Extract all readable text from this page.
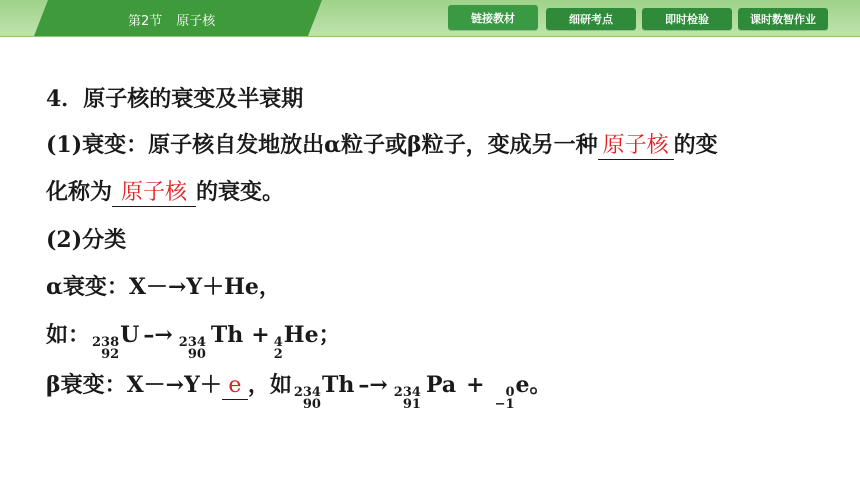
第2节 原子核	链接教材	细研考点	即时检验	课时数智作业
4．原子核的衰变及半衰期
(1)衰变：原子核自发地放出α粒子或β粒子，变成另一种 原子核 的变
化称为 原子核 的衰变。
(2)分类
α衰变：X－→Y＋He，
如： 238
92
U –→ 234
90
Th + 4
2
He；
β衰变：X－→Y＋ e ，如 234
90
Th –→ 234
91
Pa + 0
−1
e。
